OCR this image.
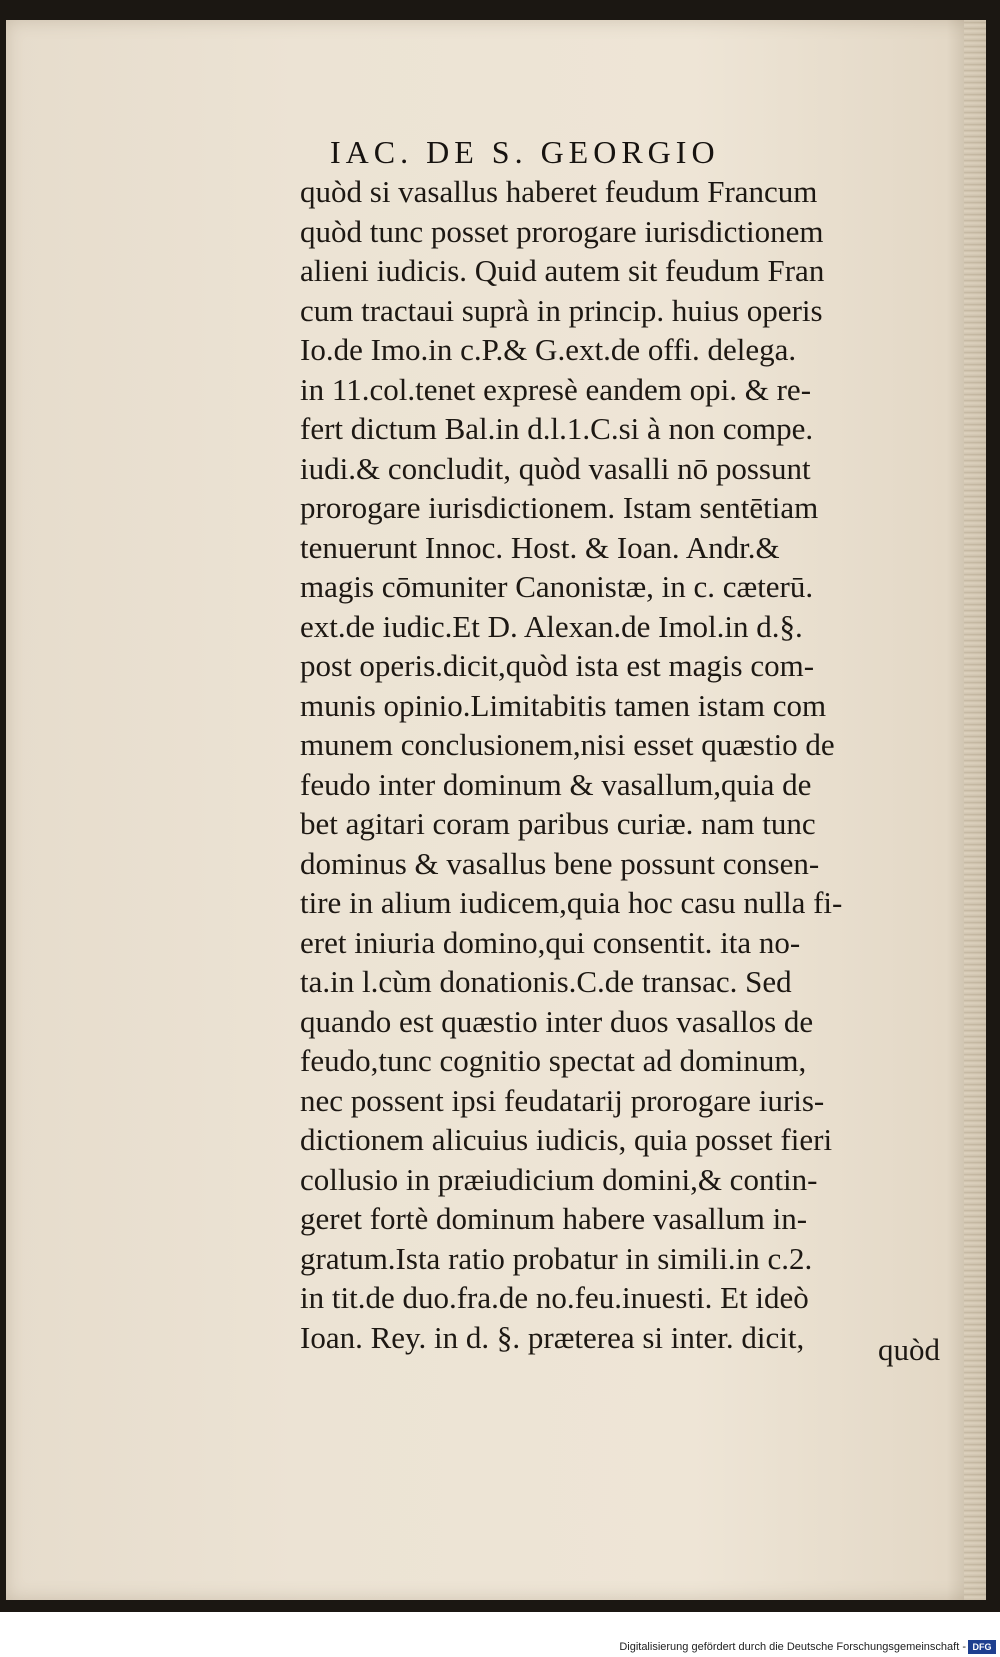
IAC. DE S. GEORGIO
quòd si vasallus haberet feudum Francum
quòd tunc posset prorogare iurisdictionem
alieni iudicis. Quid autem sit feudum Fran
cum tractaui suprà in princip. huius operis
Io.de Imo.in c.P.& G.ext.de offi. delega.
in 11.col.tenet expresè eandem opi. & re-
fert dictum Bal.in d.l.1.C.si à non compe.
iudi.& concludit, quòd vasalli nō possunt
prorogare iurisdictionem. Istam sentētiam
tenuerunt Innoc. Host. & Ioan. Andr.&
magis cōmuniter Canonistæ, in c. cæterū.
ext.de iudic.Et D. Alexan.de Imol.in d.§.
post operis.dicit,quòd ista est magis com-
munis opinio.Limitabitis tamen istam com
munem conclusionem,nisi esset quæstio de
feudo inter dominum & vasallum,quia de
bet agitari coram paribus curiæ. nam tunc
dominus & vasallus bene possunt consen-
tire in alium iudicem,quia hoc casu nulla fi-
eret iniuria domino,qui consentit. ita no-
ta.in l.cùm donationis.C.de transac. Sed
quando est quæstio inter duos vasallos de
feudo,tunc cognitio spectat ad dominum,
nec possent ipsi feudatarij prorogare iuris-
dictionem alicuius iudicis, quia posset fieri
collusio in præiudicium domini,& contin-
geret fortè dominum habere vasallum in-
gratum.Ista ratio probatur in simili.in c.2.
in tit.de duo.fra.de no.feu.inuesti. Et ideò
Ioan. Rey. in d. §. præterea si inter. dicit,	quòd
Digitalisierung gefördert durch die Deutsche Forschungsgemeinschaft - DFG
